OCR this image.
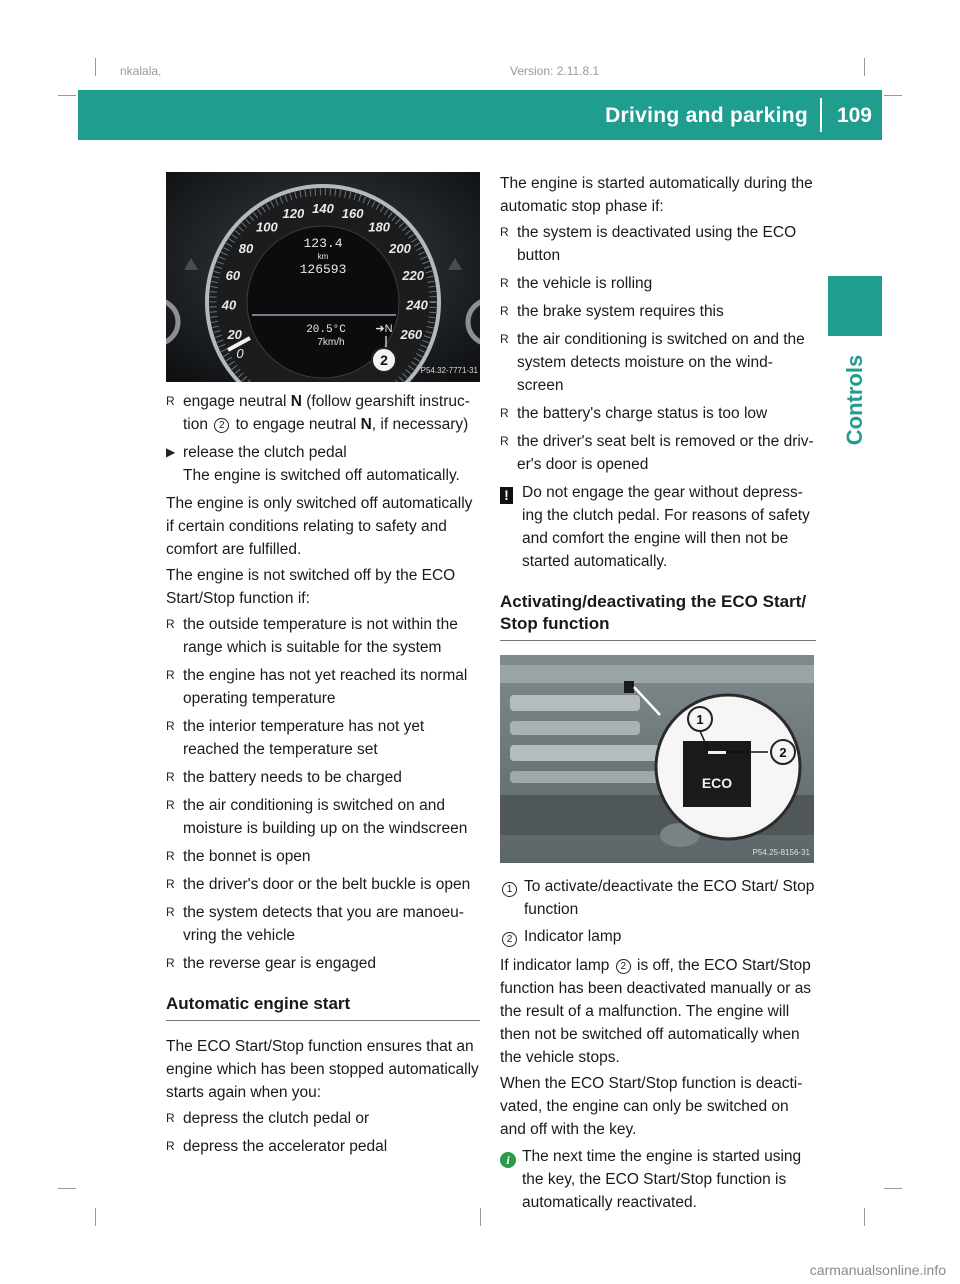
nkalala,	Version: 2.11.8.1
Driving and parking 109
Controls
20
40
60
80
100
120 140 160
180
200
220
240
260
123.4
km
126593
20.5°C	➜N
7km/h
0	2
P54.32-7771-31
R engage neutral N (follow gearshift instruc-tion 2 to engage neutral N, if necessary)
▶ release the clutch pedal
The engine is switched off automatically.

The engine is only switched off automatically if certain conditions relating to safety and comfort are fulfilled.

The engine is not switched off by the ECO Start/Stop function if:

R the outside temperature is not within the range which is suitable for the system
R the engine has not yet reached its normal operating temperature
R the interior temperature has not yet reached the temperature set
R the battery needs to be charged
R the air conditioning is switched on and moisture is building up on the windscreen
R the bonnet is open
R the driver's door or the belt buckle is open
R the system detects that you are manoeu-vring the vehicle
R the reverse gear is engaged
Automatic engine start

The ECO Start/Stop function ensures that an engine which has been stopped automatically starts again when you:

R depress the clutch pedal or
R depress the accelerator pedal

The engine is started automatically during the automatic stop phase if:

R the system is deactivated using the ECO button
R the vehicle is rolling
R the brake system requires this
R the air conditioning is switched on and the system detects moisture on the wind-screen
R the battery's charge status is too low
R the driver's seat belt is removed or the driv-er's door is opened
! Do not engage the gear without depress-ing the clutch pedal. For reasons of safety and comfort the engine will then not be started automatically.
Activating/deactivating the ECO Start/ Stop function
ECO
1
2
P54.25-8156-31
1 To activate/deactivate the ECO Start/ Stop function
2 Indicator lamp

If indicator lamp 2 is off, the ECO Start/Stop function has been deactivated manually or as the result of a malfunction. The engine will then not be switched off automatically when the vehicle stops.

When the ECO Start/Stop function is deacti-vated, the engine can only be switched on and off with the key.

i The next time the engine is started using the key, the ECO Start/Stop function is automatically reactivated.
carmanualsonline.info
